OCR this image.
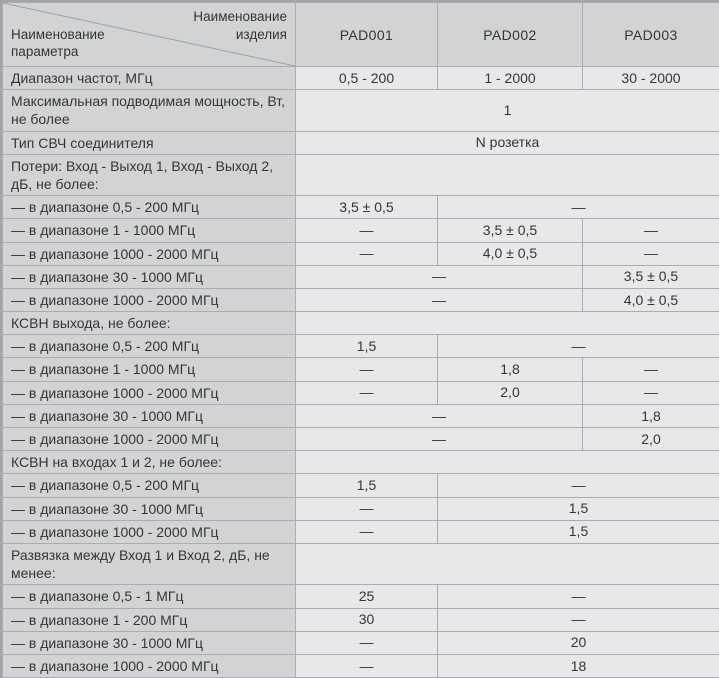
Наименование изделия
Наименование параметра	PAD001	PAD002	PAD003
Диапазон частот, МГц	0,5 - 200	1 - 2000	30 - 2000
Максимальная подводимая мощность, Вт, не более	1		
Тип СВЧ соединителя	N розетка		
Потери: Вход - Выход 1, Вход - Выход 2, дБ, не более:			
— в диапазоне 0,5 - 200 МГц	3,5 ± 0,5	—	
— в диапазоне 1 - 1000 МГц	—	3,5 ± 0,5	—
— в диапазоне 1000 - 2000 МГц	—	4,0 ± 0,5	—
— в диапазоне 30 - 1000 МГц	—		3,5 ± 0,5
— в диапазоне 1000 - 2000 МГц	—		4,0 ± 0,5
КСВН выхода, не более:			
— в диапазоне 0,5 - 200 МГц	1,5	—	
— в диапазоне 1 - 1000 МГц	—	1,8	—
— в диапазоне 1000 - 2000 МГц	—	2,0	—
— в диапазоне 30 - 1000 МГц	—		1,8
— в диапазоне 1000 - 2000 МГц	—		2,0
КСВН на входах 1 и 2, не более:			
— в диапазоне 0,5 - 200 МГц	1,5	—	
— в диапазоне 30 - 1000 МГц	—	1,5	
— в диапазоне 1000 - 2000 МГц	—	1,5	
Развязка между Вход 1 и Вход 2, дБ, не менее:			
— в диапазоне 0,5 - 1 МГц	25	—	
— в диапазоне 1 - 200 МГц	30	—	
— в диапазоне 30 - 1000 МГц	—	20	
— в диапазоне 1000 - 2000 МГц	—	18	
